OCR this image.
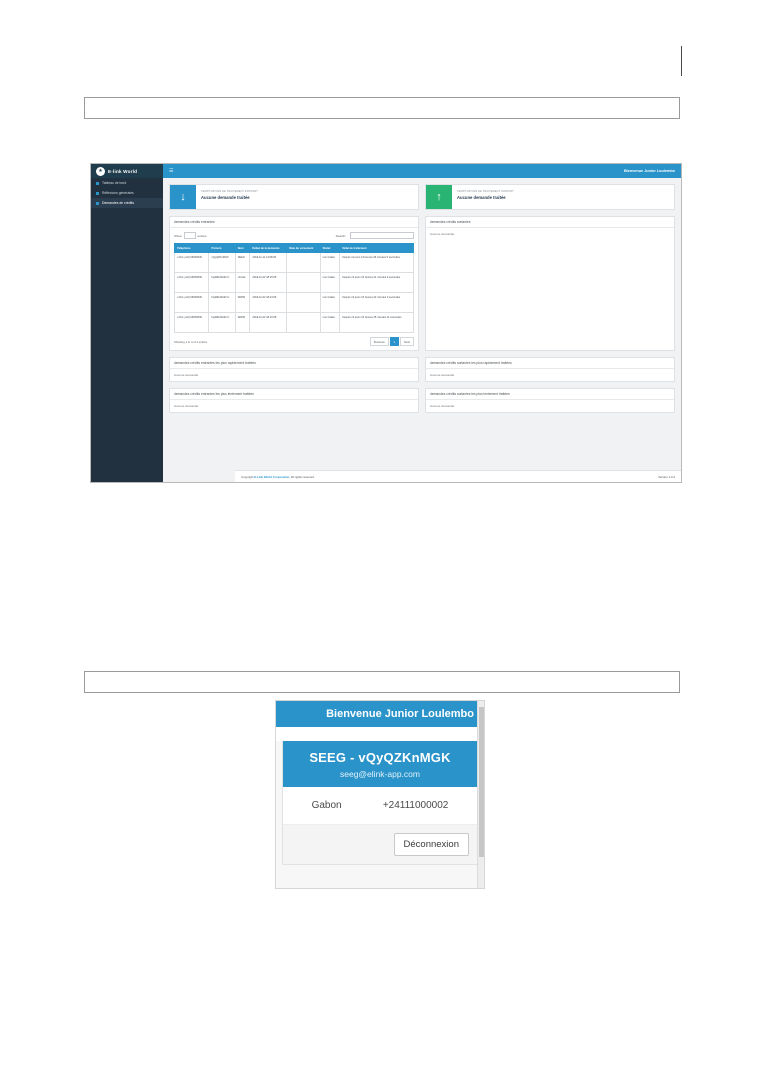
★	E-link World	☰	Bienvenue Junior Loulembo
Tableau de bord
Réflexions générales
Demandes de crédits	↓	TEMPS MOYEN DE TRAITEMENT ENTRANT
Aucune demande traitée	↑	TEMPS MOYEN DE TRAITEMENT SORTANT
Aucune demande traitée
demandes crédits entrantes
Show	entries	Search:
Téléphone	Prénom	Nom	Début de la demande	Date du versement	Statut	Délai de traitement
+241 (+24) 06000000	vQyQZKnMGK	SEEG	2019-11-11 13:08:06		non traitée	Depuis 11 jours 13 heures 36 minutes 5 secondes
+241 (+24) 06000000	bLjWEnWdtcYv	i-Finek	2019-11-02 18:15:05		non traitée	Depuis 13 jours 13 heures 21 minutes 2 secondes
+241 (+24) 06000000	bLjWEnWdtcYv	WWW	2019-11-02 18:13:06		non traitée	Depuis 13 jours 13 heures 22 minutes 3 secondes
+241 (+24) 06000000	bLjWEnWdtcYv	WWW	2019-11-02 18:10:08		non traitée	Depuis 13 jours 13 heures 25 minutes 11 secondes
Showing 1 to 4 of 4 entries	Previous	1	Next
demandes crédits sortantes
Aucune demande
demandes crédits entrantes les plus rapidement traitées
Aucune demande
demandes crédits sortantes les plus rapidement traitées
Aucune demande
demandes crédits entrantes les plus lentement traitées
Aucune demande
demandes crédits sortantes les plus lentement traitées
Aucune demande
Copyright E-Link World Corporation, All rights reserved.	Version 1.0.2
Bienvenue Junior Loulembo
SEEG - vQyQZKnMGK
seeg@elink-app.com
Gabon	+24111000002
Déconnexion
